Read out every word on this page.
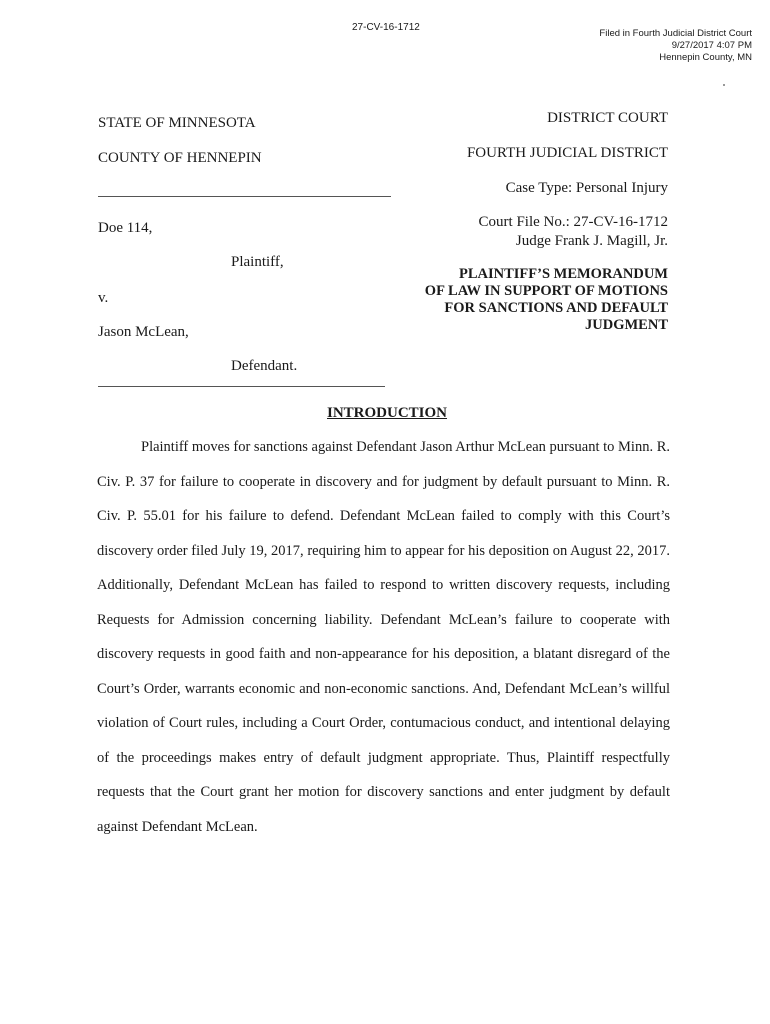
27-CV-16-1712
Filed in Fourth Judicial District Court
9/27/2017 4:07 PM
Hennepin County, MN
STATE OF MINNESOTA
COUNTY OF HENNEPIN
DISTRICT COURT
FOURTH JUDICIAL DISTRICT
Case Type: Personal Injury
Court File No.: 27-CV-16-1712
Judge Frank J. Magill, Jr.
Doe 114,
Plaintiff,
v.
Jason McLean,
Defendant.
PLAINTIFF’S MEMORANDUM
OF LAW IN SUPPORT OF MOTIONS
FOR SANCTIONS AND DEFAULT
JUDGMENT
INTRODUCTION

Plaintiff moves for sanctions against Defendant Jason Arthur McLean pursuant to Minn. R. Civ. P. 37 for failure to cooperate in discovery and for judgment by default pursuant to Minn. R. Civ. P. 55.01 for his failure to defend. Defendant McLean failed to comply with this Court’s discovery order filed July 19, 2017, requiring him to appear for his deposition on August 22, 2017. Additionally, Defendant McLean has failed to respond to written discovery requests, including Requests for Admission concerning liability. Defendant McLean’s failure to cooperate with discovery requests in good faith and non-appearance for his deposition, a blatant disregard of the Court’s Order, warrants economic and non-economic sanctions. And, Defendant McLean’s willful violation of Court rules, including a Court Order, contumacious conduct, and intentional delaying of the proceedings makes entry of default judgment appropriate. Thus, Plaintiff respectfully requests that the Court grant her motion for discovery sanctions and enter judgment by default against Defendant McLean.
